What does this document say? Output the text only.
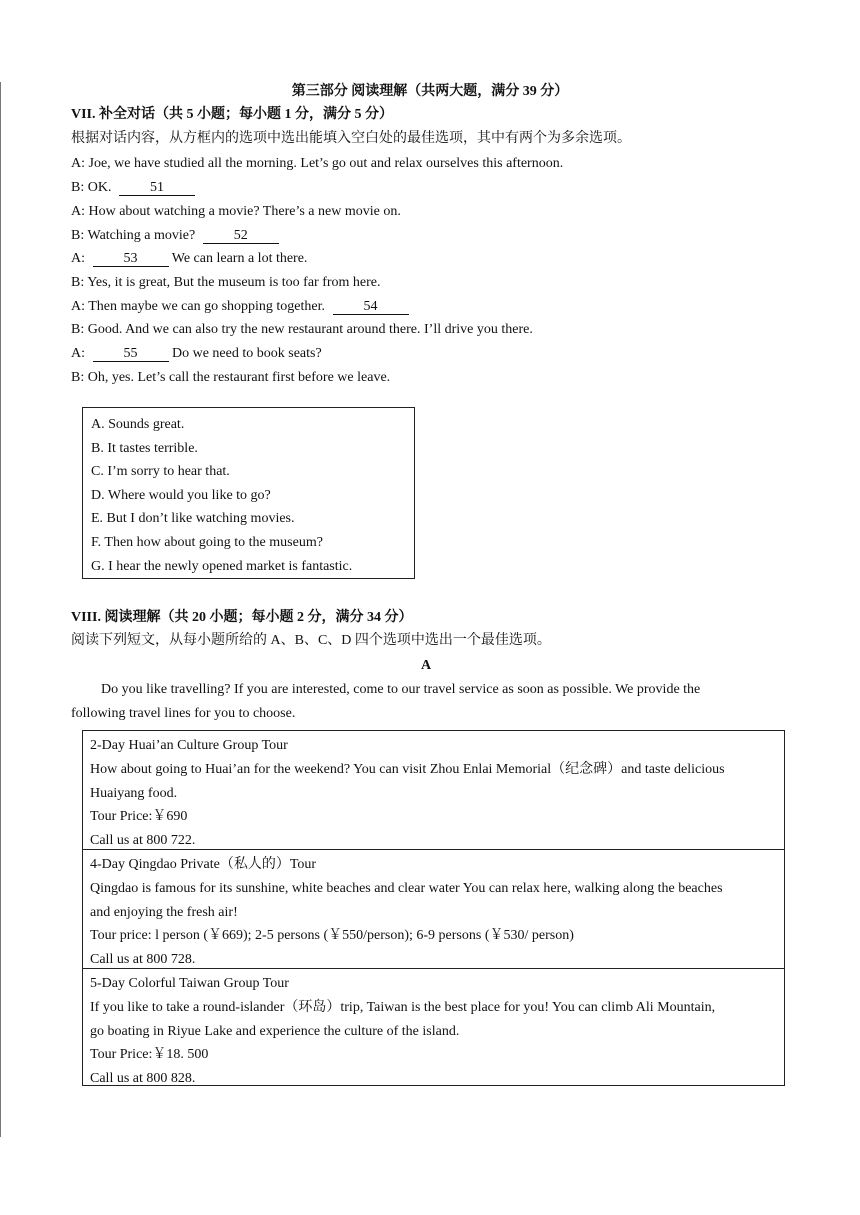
第三部分 阅读理解（共两大题，满分 39 分）
VII. 补全对话（共 5 小题；每小题 1 分，满分 5 分）
根据对话内容，从方框内的选项中选出能填入空白处的最佳选项，其中有两个为多余选项。
A: Joe, we have studied all the morning. Let’s go out and relax ourselves this afternoon.
B: OK.	51
A: How about watching a movie? There’s a new movie on.
B: Watching a movie?	52
A:	53 We can learn a lot there.
B: Yes, it is great, But the museum is too far from here.
A: Then maybe we can go shopping together.	54
B: Good. And we can also try the new restaurant around there. I’ll drive you there.
A:	55 Do we need to book seats?
B: Oh, yes. Let’s call the restaurant first before we leave.
A. Sounds great.
B. It tastes terrible.
C. I’m sorry to hear that.
D. Where would you like to go?
E. But I don’t like watching movies.
F. Then how about going to the museum?
G. I hear the newly opened market is fantastic.
VIII. 阅读理解（共 20 小题；每小题 2 分，满分 34 分）
阅读下列短文，从每小题所给的 A、B、C、D 四个选项中选出一个最佳选项。
A
Do you like travelling? If you are interested, come to our travel service as soon as possible. We provide the
following travel lines for you to choose.
2-Day Huai’an Culture Group Tour
How about going to Huai’an for the weekend? You can visit Zhou Enlai Memorial（纪念碑）and taste delicious
Huaiyang food.
Tour Price:￥690
Call us at 800 722.
4-Day Qingdao Private（私人的）Tour
Qingdao is famous for its sunshine, white beaches and clear water You can relax here, walking along the beaches
and enjoying the fresh air!
Tour price: l person (￥669); 2-5 persons (￥550/person); 6-9 persons (￥530/ person)
Call us at 800 728.
5-Day Colorful Taiwan Group Tour
If you like to take a round-islander（环岛）trip, Taiwan is the best place for you! You can climb Ali Mountain,
go boating in Riyue Lake and experience the culture of the island.
Tour Price:￥18. 500
Call us at 800 828.
